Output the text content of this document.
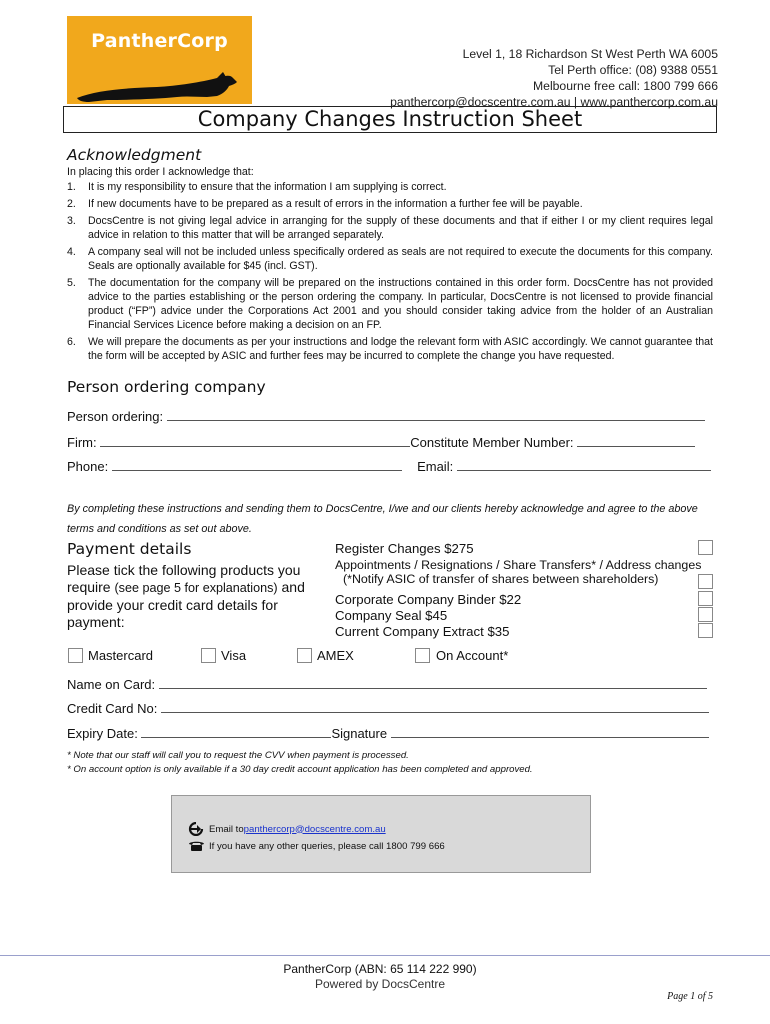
PantherCorp
Level 1, 18 Richardson St West Perth WA 6005
Tel Perth office: (08) 9388 0551
Melbourne free call: 1800 799 666
panthercorp@docscentre.com.au | www.panthercorp.com.au
Company Changes Instruction Sheet
Acknowledgment
In placing this order I acknowledge that:
1. It is my responsibility to ensure that the information I am supplying is correct.
2. If new documents have to be prepared as a result of errors in the information a further fee will be payable.
3. DocsCentre is not giving legal advice in arranging for the supply of these documents and that if either I or my client requires legal advice in relation to this matter that will be arranged separately.
4. A company seal will not be included unless specifically ordered as seals are not required to execute the documents for this company. Seals are optionally available for $45 (incl. GST).
5. The documentation for the company will be prepared on the instructions contained in this order form. DocsCentre has not provided advice to the parties establishing or the person ordering the company. In particular, DocsCentre is not licensed to provide financial product (“FP”) advice under the Corporations Act 2001 and you should consider taking advice from the holder of an Australian Financial Services Licence before making a decision on an FP.
6. We will prepare the documents as per your instructions and lodge the relevant form with ASIC accordingly. We cannot guarantee that the form will be accepted by ASIC and further fees may be incurred to complete the change you have requested.
Person ordering company
Person ordering:
Firm:	Constitute Member Number:
Phone:	Email:
By completing these instructions and sending them to DocsCentre, I/we and our clients hereby acknowledge and agree to the above terms and conditions as set out above.
Payment details
Please tick the following products you require (see page 5 for explanations) and provide your credit card details for payment:
Register Changes $275
Appointments / Resignations / Share Transfers* / Address changes
(*Notify ASIC of transfer of shares between shareholders)
Corporate Company Binder $22
Company Seal $45
Current Company Extract $35
Mastercard	Visa	AMEX	On Account*
Name on Card:
Credit Card No:
Expiry Date:	Signature
* Note that our staff will call you to request the CVV when payment is processed.
* On account option is only available if a 30 day credit account application has been completed and approved.
Email to panthercorp@docscentre.com.au
If you have any other queries, please call 1800 799 666
PantherCorp (ABN: 65 114 222 990)
Powered by DocsCentre
Page 1 of 5
